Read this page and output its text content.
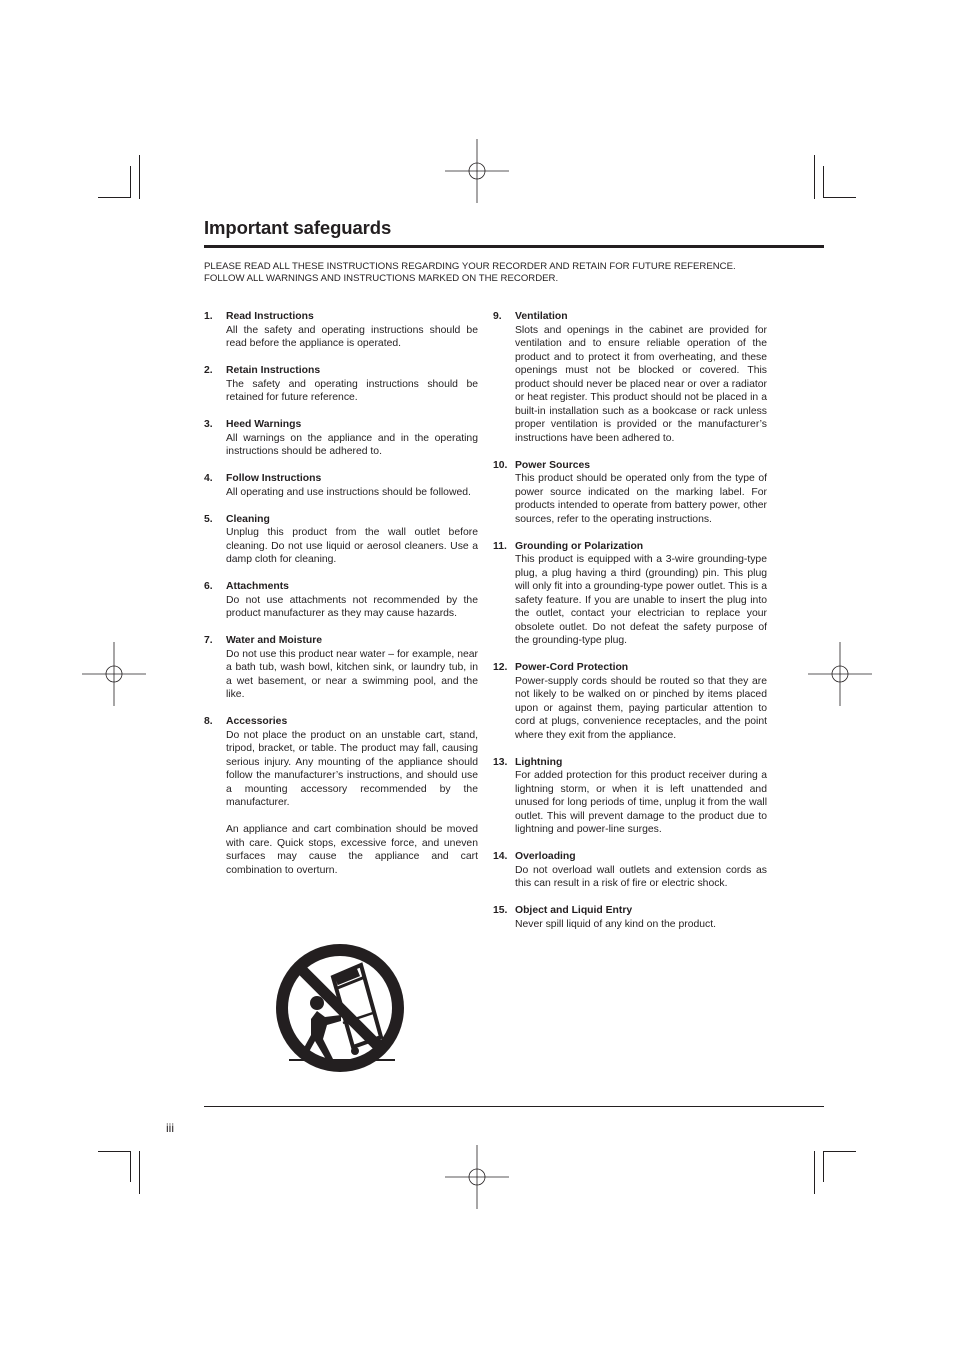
Important safeguards
PLEASE READ ALL THESE INSTRUCTIONS REGARDING YOUR RECORDER AND RETAIN FOR FUTURE REFERENCE.
FOLLOW ALL WARNINGS AND INSTRUCTIONS MARKED ON THE RECORDER.
1.	Read Instructions

All the safety and operating instructions should be read before the appliance is operated.

2.	Retain Instructions

The safety and operating instructions should be retained for future reference.

3.	Heed Warnings

All warnings on the appliance and in the operating instructions should be adhered to.

4.	Follow Instructions

All operating and use instructions should be followed.

5.	Cleaning

Unplug this product from the wall outlet before cleaning. Do not use liquid or aerosol cleaners. Use a damp cloth for cleaning.

6.	Attachments

Do not use attachments not recommended by the product manufacturer as they may cause hazards.

7.	Water and Moisture

Do not use this product near water – for example, near a bath tub, wash bowl, kitchen sink, or laundry tub, in a wet basement, or near a swimming pool, and the like.

8.	Accessories

Do not place the product on an unstable cart, stand, tripod, bracket, or table. The product may fall, causing serious injury. Any mounting of the appliance should follow the manufacturer’s instructions, and should use a mounting accessory recommended by the manufacturer.

An appliance and cart combination should be moved with care. Quick stops, excessive force, and uneven surfaces may cause the appliance and cart combination to overturn.

9.	Ventilation

Slots and openings in the cabinet are provided for ventilation and to ensure reliable operation of the product and to protect it from overheating, and these openings must not be blocked or covered. This product should never be placed near or over a radiator or heat register. This product should not be placed in a built-in installation such as a bookcase or rack unless proper ventilation is provided or the manufacturer’s instructions have been adhered to.

10. Power Sources

This product should be operated only from the type of power source indicated on the marking label. For products intended to operate from battery power, other sources, refer to the operating instructions.

11. Grounding or Polarization

This product is equipped with a 3-wire grounding-type plug, a plug having a third (grounding) pin. This plug will only fit into a grounding-type power outlet. This is a safety feature. If you are unable to insert the plug into the outlet, contact your electrician to replace your obsolete outlet. Do not defeat the safety purpose of the grounding-type plug.

12. Power-Cord Protection

Power-supply cords should be routed so that they are not likely to be walked on or pinched by items placed upon or against them, paying particular attention to cord at plugs, convenience receptacles, and the point where they exit from the appliance.

13. Lightning

For added protection for this product receiver during a lightning storm, or when it is left unattended and unused for long periods of time, unplug it from the wall outlet. This will prevent damage to the product due to lightning and power-line surges.

14. Overloading

Do not overload wall outlets and extension cords as this can result in a risk of fire or electric shock.

15. Object and Liquid Entry

Never spill liquid of any kind on the product.

iii
